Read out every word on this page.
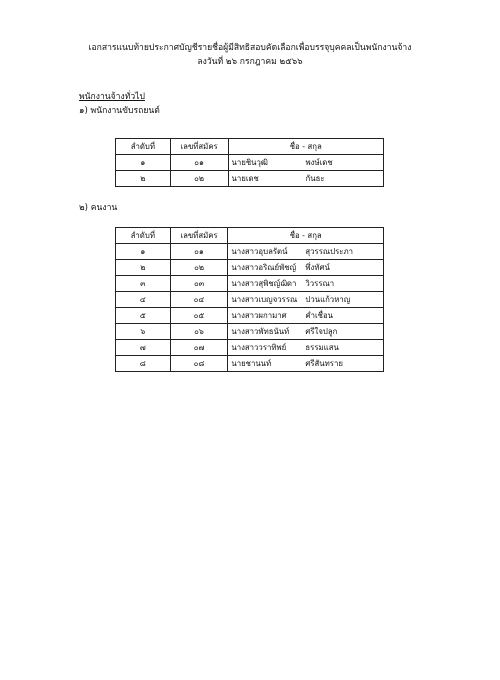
เอกสารแนบท้ายประกาศบัญชีรายชื่อผู้มีสิทธิสอบคัดเลือกเพื่อบรรจุบุคคลเป็นพนักงานจ้าง
ลงวันที่ ๒๖ กรกฎาคม ๒๕๖๖
พนักงานจ้างทั่วไป
๑) พนักงานขับรถยนต์
ลำดับที่	เลขที่สมัคร	ชื่อ - สกุล
๑	๐๑	นายชินวุฒิ พงษ์เดช
๒	๐๒	นายเดช กันธะ
๒) คนงาน
ลำดับที่	เลขที่สมัคร	ชื่อ - สกุล
๑	๐๑	นางสาวอุบลรัตน์ สุวรรณประภา
๒	๐๒	นางสาวอริณย์พัชญ์ พึ่งทัศน์
๓	๐๓	นางสาวสุพิชญ์ฌิดา วิวรรณา
๔	๐๔	นางสาวเบญจวรรณ ปวนแก้วหาญ
๕	๐๕	นางสาวผกามาศ คำเชื่อน
๖	๐๖	นางสาวพัทธนันท์ ศรีใจปลูก
๗	๐๗	นางสาววราทิพย์ ธรรมแสน
๘	๐๘	นายชานนท์ ศรีสันทราย
